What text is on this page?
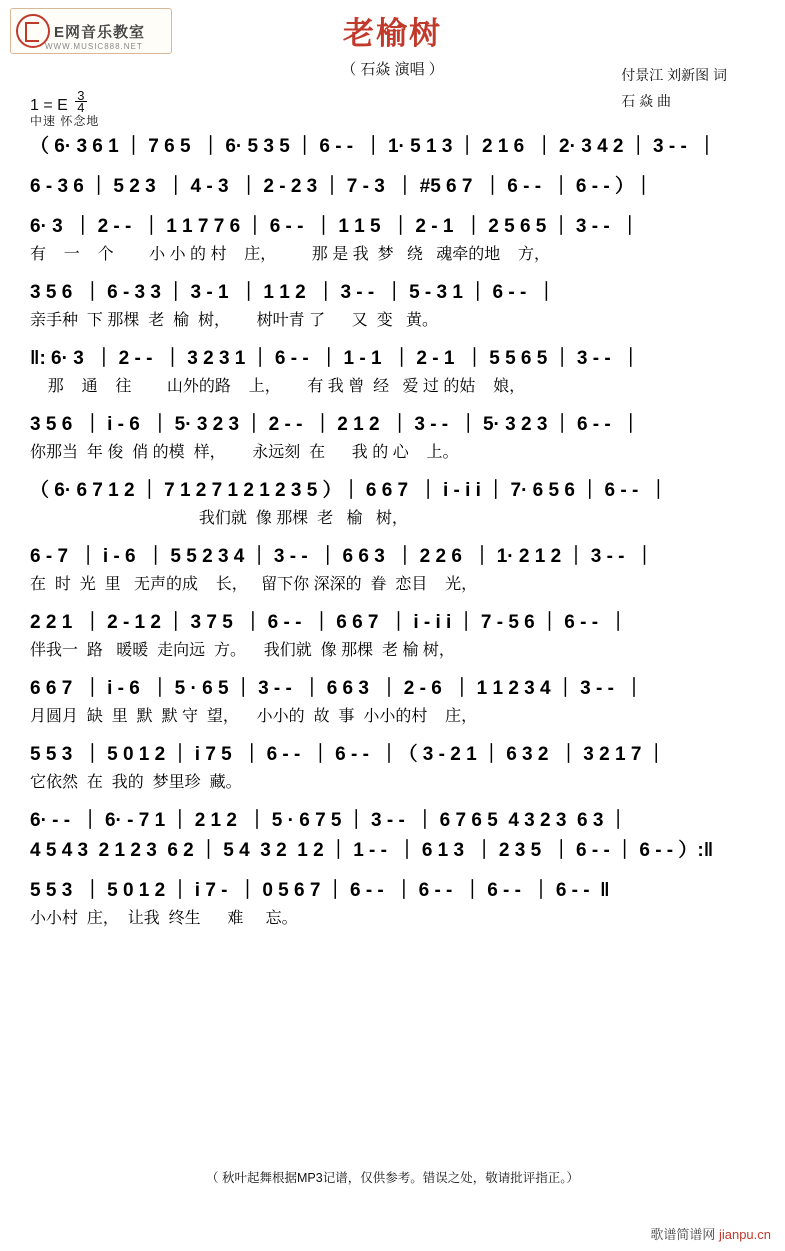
E网音乐教室
WWW.MUSIC888.NET	老榆树
（ 石焱 演唱 ）	付景江 刘新图 词
石 焱 曲
1 = E $\frac{3}{4}$
中速 怀念地
（ 6· 3 6 1 ｜ 7 6 5  ｜ 6· 5 3 5 ｜ 6 - -  ｜ 1· 5 1 3 ｜ 2 1 6  ｜ 2· 3 4 2 ｜ 3 - -  ｜
6 - 3 6 ｜ 5 2 3  ｜ 4 - 3  ｜ 2 - 2 3 ｜ 7 - 3  ｜ #5 6 7  ｜ 6 - -  ｜ 6 - - ）｜
6· 3  ｜ 2 - -  ｜ 1 1 7 7 6 ｜ 6 - -  ｜ 1 1 5  ｜ 2 - 1  ｜ 2 5 6 5 ｜ 3 - -  ｜
有    一    个        小 小 的 村    庄，        那 是 我  梦   绕   魂牵的地    方，
3 5 6  ｜ 6 - 3 3 ｜ 3 - 1  ｜ 1 1 2  ｜ 3 - -  ｜ 5 - 3 1 ｜ 6 - -  ｜
亲手种  下 那棵  老  榆  树，      树叶青 了      又  变   黄。
‖: 6· 3  ｜ 2 - -  ｜ 3 2 3 1 ｜ 6 - -  ｜ 1 - 1  ｜ 2 - 1  ｜ 5 5 6 5 ｜ 3 - -  ｜
那    通    往        山外的路    上，      有 我 曾  经   爱 过 的姑    娘，
3 5 6  ｜ i - 6  ｜ 5· 3 2 3 ｜ 2 - -  ｜ 2 1 2  ｜ 3 - -  ｜ 5· 3 2 3 ｜ 6 - -  ｜
你那当  年 俊  俏 的模  样，      永远刻  在      我 的 心    上。
（ 6· 6 7 1 2 ｜ 7 1 2 7 1 2 1 2 3 5 ）｜ 6 6 7  ｜ i - i i ｜ 7· 6 5 6 ｜ 6 - -  ｜
我们就  像 那棵  老   榆   树，
6 - 7  ｜ i - 6  ｜ 5 5 2 3 4 ｜ 3 - -  ｜ 6 6 3  ｜ 2 2 6  ｜ 1· 2 1 2 ｜ 3 - -  ｜
在  时  光  里   无声的成    长，   留下你 深深的  眷  恋目    光，
2 2 1  ｜ 2 - 1 2 ｜ 3 7 5  ｜ 6 - -  ｜ 6 6 7  ｜ i - i i ｜ 7 - 5 6 ｜ 6 - -  ｜
伴我一  路   暖暖  走向远  方。    我们就  像 那棵  老 榆 树，
6 6 7  ｜ i - 6  ｜ 5 · 6 5 ｜ 3 - -  ｜ 6 6 3  ｜ 2 - 6  ｜ 1 1 2 3 4 ｜ 3 - -  ｜
月圆月  缺  里  默  默 守  望，    小小的  故  事  小小的村    庄，
5 5 3  ｜ 5 0 1 2 ｜ i 7 5  ｜ 6 - -  ｜ 6 - -  ｜（ 3 - 2 1 ｜ 6 3 2  ｜ 3 2 1 7 ｜
它依然  在  我的  梦里珍  藏。
6· - -  ｜ 6· - 7 1 ｜ 2 1 2  ｜ 5 · 6 7 5 ｜ 3 - -  ｜ 6 7 6 5  4 3 2 3  6 3 ｜
4 5 4 3  2 1 2 3  6 2 ｜ 5 4  3 2  1 2 ｜ 1 - -  ｜ 6 1 3  ｜ 2 3 5  ｜ 6 - - ｜ 6 - - ）:‖
5 5 3  ｜ 5 0 1 2 ｜ i 7 -  ｜ 0 5 6 7 ｜ 6 - -  ｜ 6 - -  ｜ 6 - -  ｜ 6 - -  ‖
小小村  庄，  让我  终生      难     忘。
（ 秋叶起舞根据MP3记谱，仅供参考。错误之处，敬请批评指正。）
歌谱简谱网 jianpu.cn
